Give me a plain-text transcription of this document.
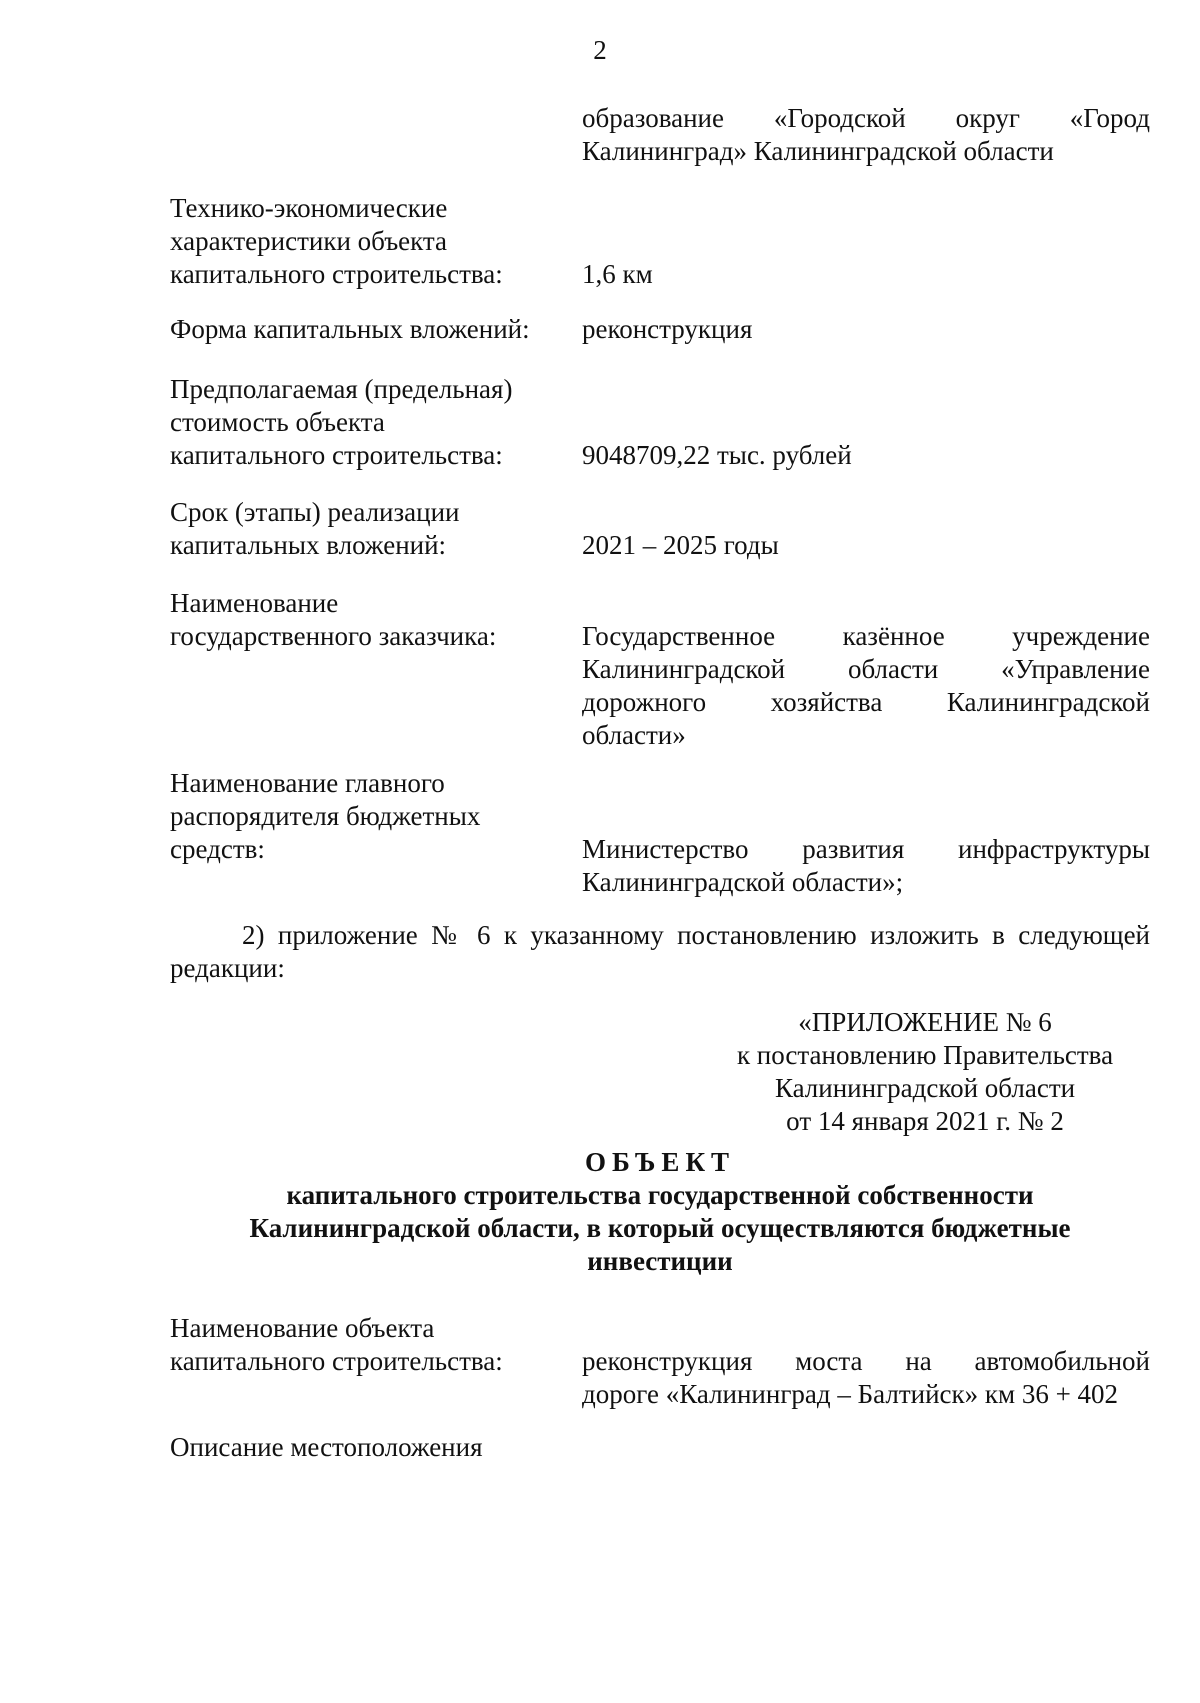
2
образование «Городской округ «Город
Калининград» Калининградской области
Технико-экономические
характеристики объекта
капитального строительства:	1,6 км
Форма капитальных вложений:	реконструкция
Предполагаемая (предельная)
стоимость объекта
капитального строительства:	9048709,22 тыс. рублей
Срок (этапы) реализации
капитальных вложений:	2021 – 2025 годы
Наименование
государственного заказчика:	Государственное казённое учреждение
Калининградской области «Управление
дорожного хозяйства Калининградской
области»
Наименование главного
распорядителя бюджетных
средств:	Министерство развития инфраструктуры
Калининградской области»;
2) приложение № 6 к указанному постановлению изложить в следующей
редакции:
«ПРИЛОЖЕНИЕ № 6
к постановлению Правительства
Калининградской области
от 14 января 2021 г. № 2
ОБЪЕКТ
капитального строительства государственной собственности
Калининградской области, в который осуществляются бюджетные
инвестиции
Наименование объекта
капитального строительства:	реконструкция моста на автомобильной
дороге «Калининград – Балтийск» км 36 + 402
Описание местоположения
